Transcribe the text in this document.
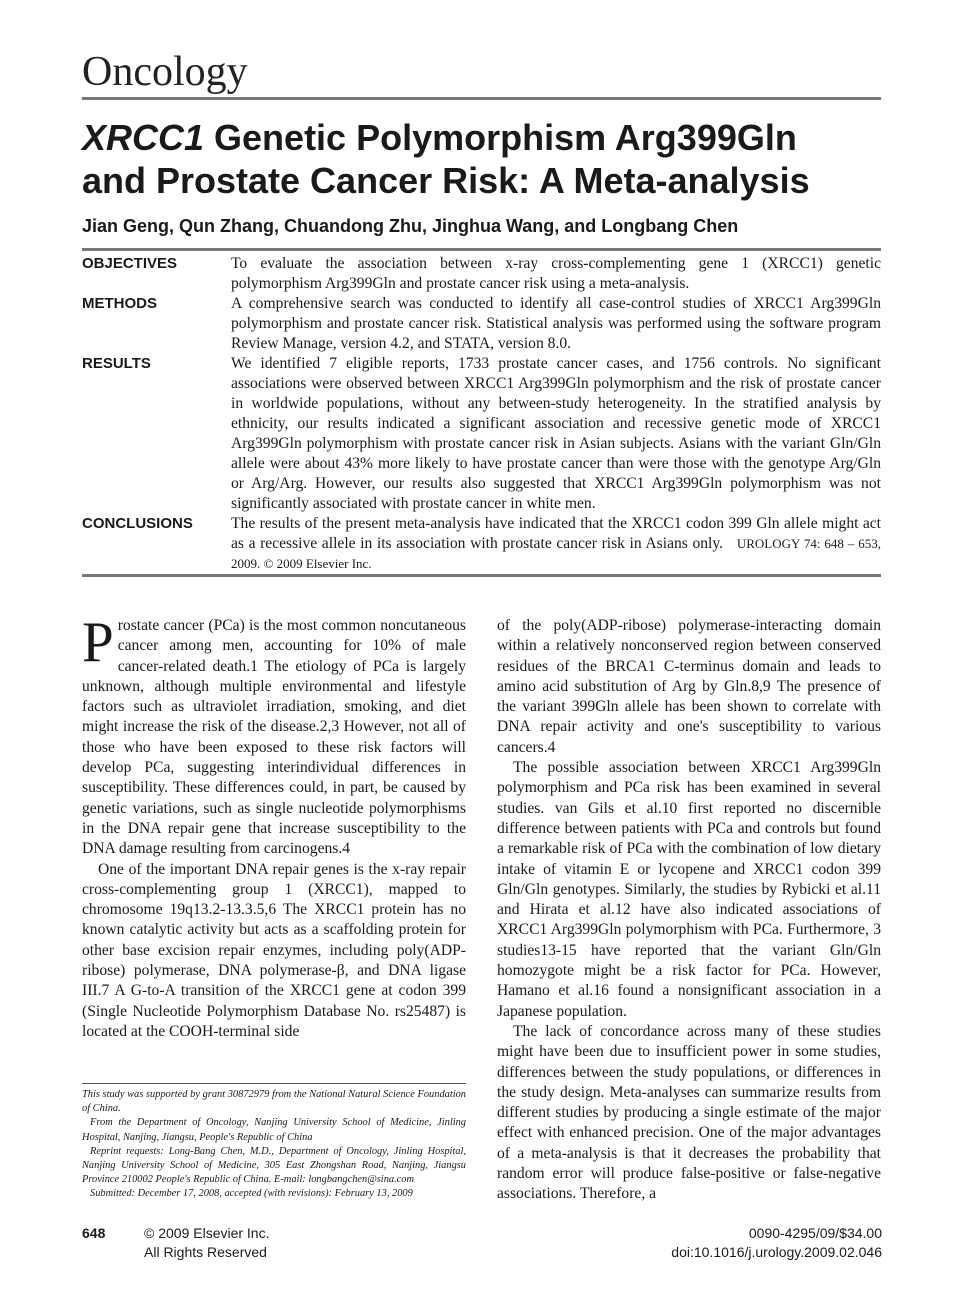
Oncology
XRCC1 Genetic Polymorphism Arg399Gln
and Prostate Cancer Risk: A Meta-analysis
Jian Geng, Qun Zhang, Chuandong Zhu, Jinghua Wang, and Longbang Chen
OBJECTIVES	To evaluate the association between x-ray cross-complementing gene 1 (XRCC1) genetic polymorphism Arg399Gln and prostate cancer risk using a meta-analysis.
METHODS	A comprehensive search was conducted to identify all case-control studies of XRCC1 Arg399Gln polymorphism and prostate cancer risk. Statistical analysis was performed using the software program Review Manage, version 4.2, and STATA, version 8.0.
RESULTS	We identified 7 eligible reports, 1733 prostate cancer cases, and 1756 controls. No significant associations were observed between XRCC1 Arg399Gln polymorphism and the risk of prostate cancer in worldwide populations, without any between-study heterogeneity. In the stratified analysis by ethnicity, our results indicated a significant association and recessive genetic mode of XRCC1 Arg399Gln polymorphism with prostate cancer risk in Asian subjects. Asians with the variant Gln/Gln allele were about 43% more likely to have prostate cancer than were those with the genotype Arg/Gln or Arg/Arg. However, our results also suggested that XRCC1 Arg399Gln polymorphism was not significantly associated with prostate cancer in white men.
CONCLUSIONS The results of the present meta-analysis have indicated that the XRCC1 codon 399 Gln allele might act as a recessive allele in its association with prostate cancer risk in Asians only. UROLOGY 74: 648 – 653, 2009. © 2009 Elsevier Inc.

Prostate cancer (PCa) is the most common noncutaneous cancer among men, accounting for 10% of male cancer-related death.1 The etiology of PCa is largely unknown, although multiple environmental and lifestyle factors such as ultraviolet irradiation, smoking, and diet might increase the risk of the disease.2,3 However, not all of those who have been exposed to these risk factors will develop PCa, suggesting interindividual differences in susceptibility. These differences could, in part, be caused by genetic variations, such as single nucleotide polymorphisms in the DNA repair gene that increase susceptibility to the DNA damage resulting from carcinogens.4

One of the important DNA repair genes is the x-ray repair cross-complementing group 1 (XRCC1), mapped to chromosome 19q13.2-13.3.5,6 The XRCC1 protein has no known catalytic activity but acts as a scaffolding protein for other base excision repair enzymes, including poly(ADP-ribose) polymerase, DNA polymerase-β, and DNA ligase III.7 A G-to-A transition of the XRCC1 gene at codon 399 (Single Nucleotide Polymorphism Database No. rs25487) is located at the COOH-terminal side

of the poly(ADP-ribose) polymerase-interacting domain within a relatively nonconserved region between conserved residues of the BRCA1 C-terminus domain and leads to amino acid substitution of Arg by Gln.8,9 The presence of the variant 399Gln allele has been shown to correlate with DNA repair activity and one's susceptibility to various cancers.4

The possible association between XRCC1 Arg399Gln polymorphism and PCa risk has been examined in several studies. van Gils et al.10 first reported no discernible difference between patients with PCa and controls but found a remarkable risk of PCa with the combination of low dietary intake of vitamin E or lycopene and XRCC1 codon 399 Gln/Gln genotypes. Similarly, the studies by Rybicki et al.11 and Hirata et al.12 have also indicated associations of XRCC1 Arg399Gln polymorphism with PCa. Furthermore, 3 studies13-15 have reported that the variant Gln/Gln homozygote might be a risk factor for PCa. However, Hamano et al.16 found a nonsignificant association in a Japanese population.

The lack of concordance across many of these studies might have been due to insufficient power in some studies, differences between the study populations, or differences in the study design. Meta-analyses can summarize results from different studies by producing a single estimate of the major effect with enhanced precision. One of the major advantages of a meta-analysis is that it decreases the probability that random error will produce false-positive or false-negative associations. Therefore, a

This study was supported by grant 30872979 from the National Natural Science Foundation of China.

From the Department of Oncology, Nanjing University School of Medicine, Jinling Hospital, Nanjing, Jiangsu, People's Republic of China

Reprint requests: Long-Bang Chen, M.D., Department of Oncology, Jinling Hospital, Nanjing University School of Medicine, 305 East Zhongshan Road, Nanjing, Jiangsu Province 210002 People's Republic of China. E-mail: longbangchen@sina.com

Submitted: December 17, 2008, accepted (with revisions): February 13, 2009

648	© 2009 Elsevier Inc.
All Rights Reserved
0090-4295/09/$34.00
doi:10.1016/j.urology.2009.02.046
